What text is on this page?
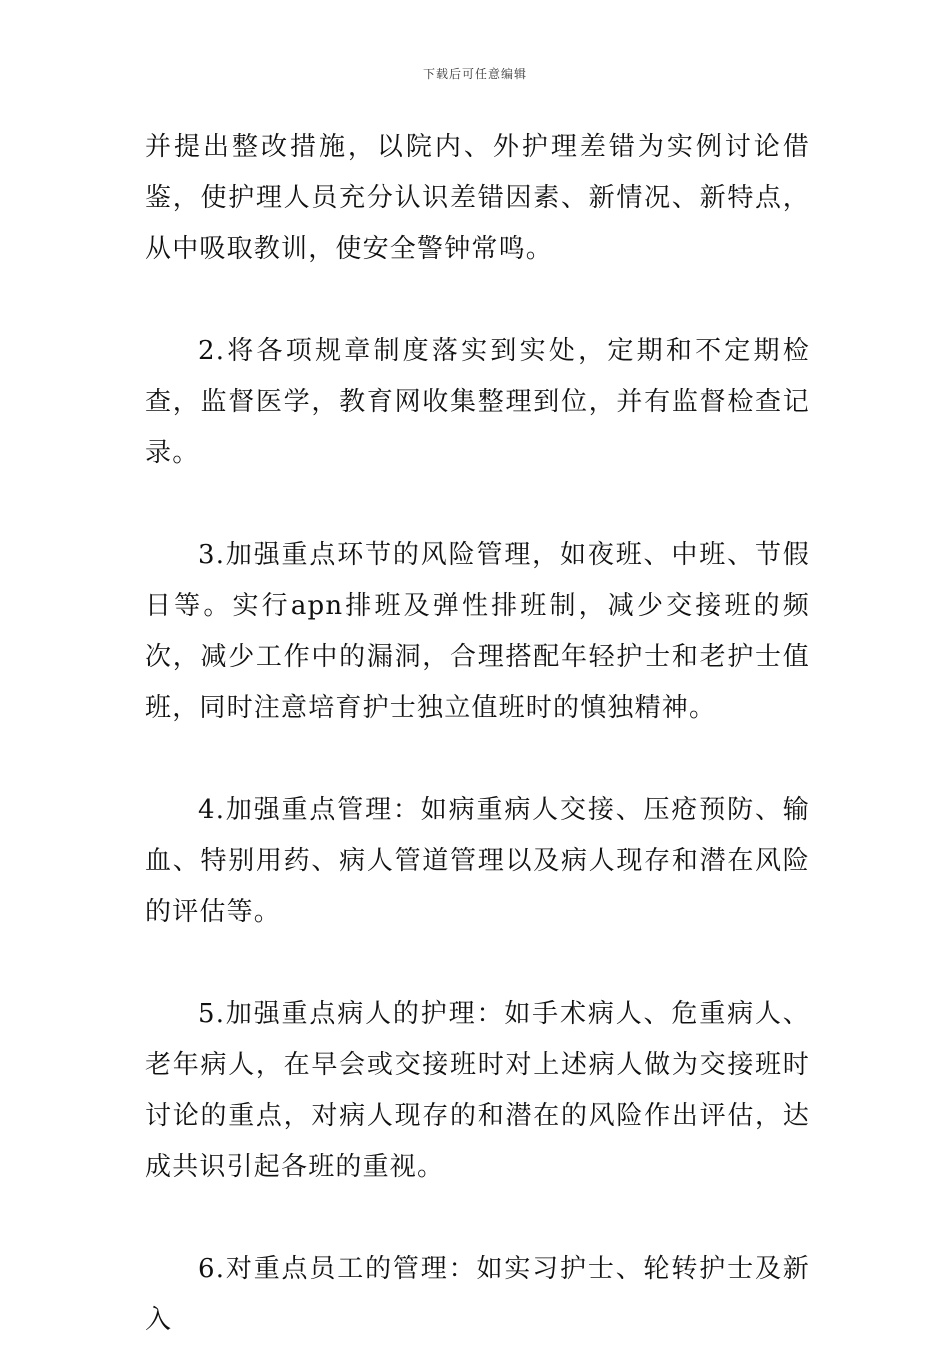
下载后可任意编辑

并提出整改措施，以院内、外护理差错为实例讨论借鉴，使护理人员充分认识差错因素、新情况、新特点，从中吸取教训，使安全警钟常鸣。

2.将各项规章制度落实到实处，定期和不定期检查，监督医学，教育网收集整理到位，并有监督检查记录。

3.加强重点环节的风险管理，如夜班、中班、节假日等。实行apn排班及弹性排班制，减少交接班的频次，减少工作中的漏洞，合理搭配年轻护士和老护士值班，同时注意培育护士独立值班时的慎独精神。

4.加强重点管理：如病重病人交接、压疮预防、输血、特别用药、病人管道管理以及病人现存和潜在风险的评估等。

5.加强重点病人的护理：如手术病人、危重病人、老年病人，在早会或交接班时对上述病人做为交接班时讨论的重点，对病人现存的和潜在的风险作出评估，达成共识引起各班的重视。

6.对重点员工的管理：如实习护士、轮转护士及新入
